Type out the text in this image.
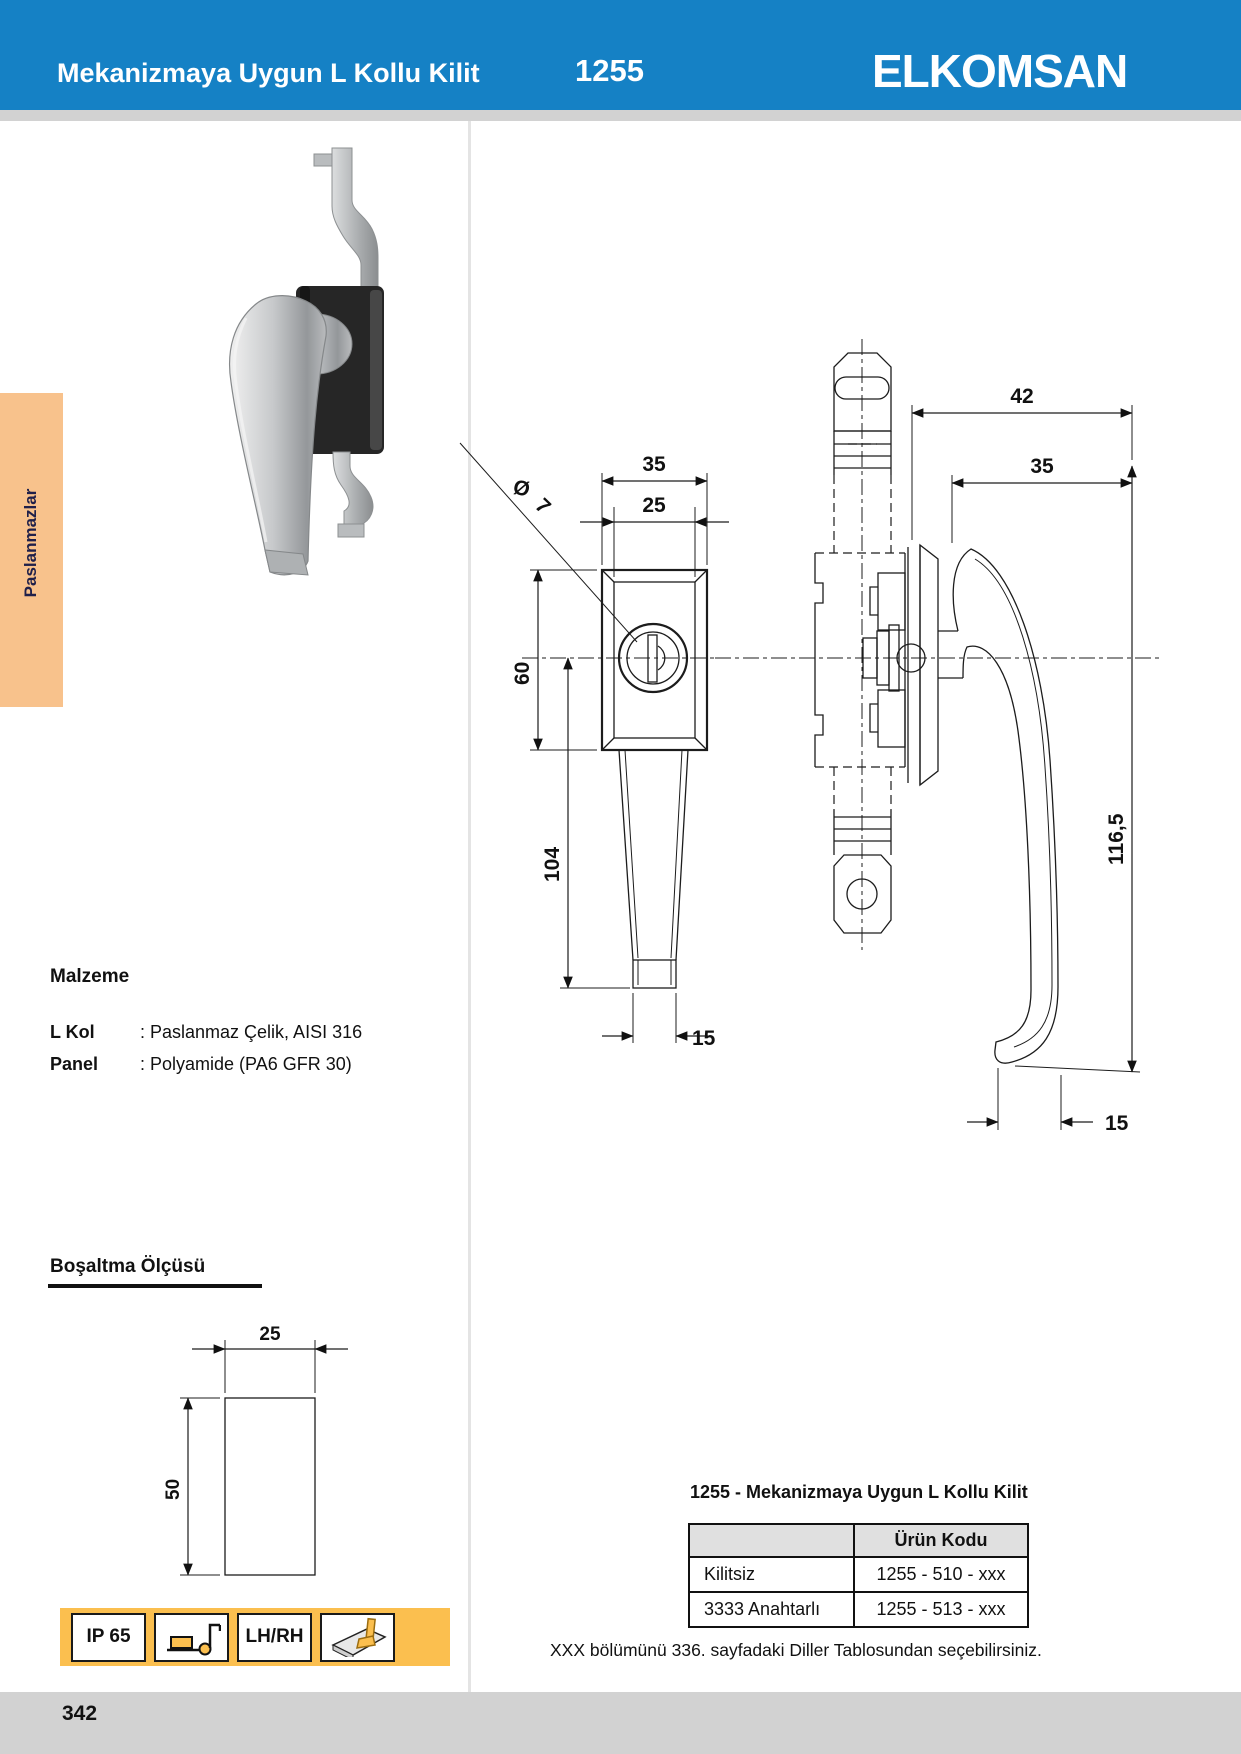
Mekanizmaya Uygun L Kollu Kilit	1255	ELKOMSAN
Paslanmazlar
35
25
Ø
7
60
104
15
42
35
116,5
15
Malzeme
L Kol	: Paslanmaz Çelik, AISI 316
Panel : Polyamide (PA6 GFR 30)
Boşaltma Ölçüsü
25
50
IP 65	LH/RH
1255 - Mekanizmaya Uygun L Kollu Kilit
	Ürün Kodu
Kilitsiz	1255 - 510 - xxx
3333 Anahtarlı	1255 - 513 - xxx
XXX bölümünü 336. sayfadaki Diller Tablosundan seçebilirsiniz.
342
